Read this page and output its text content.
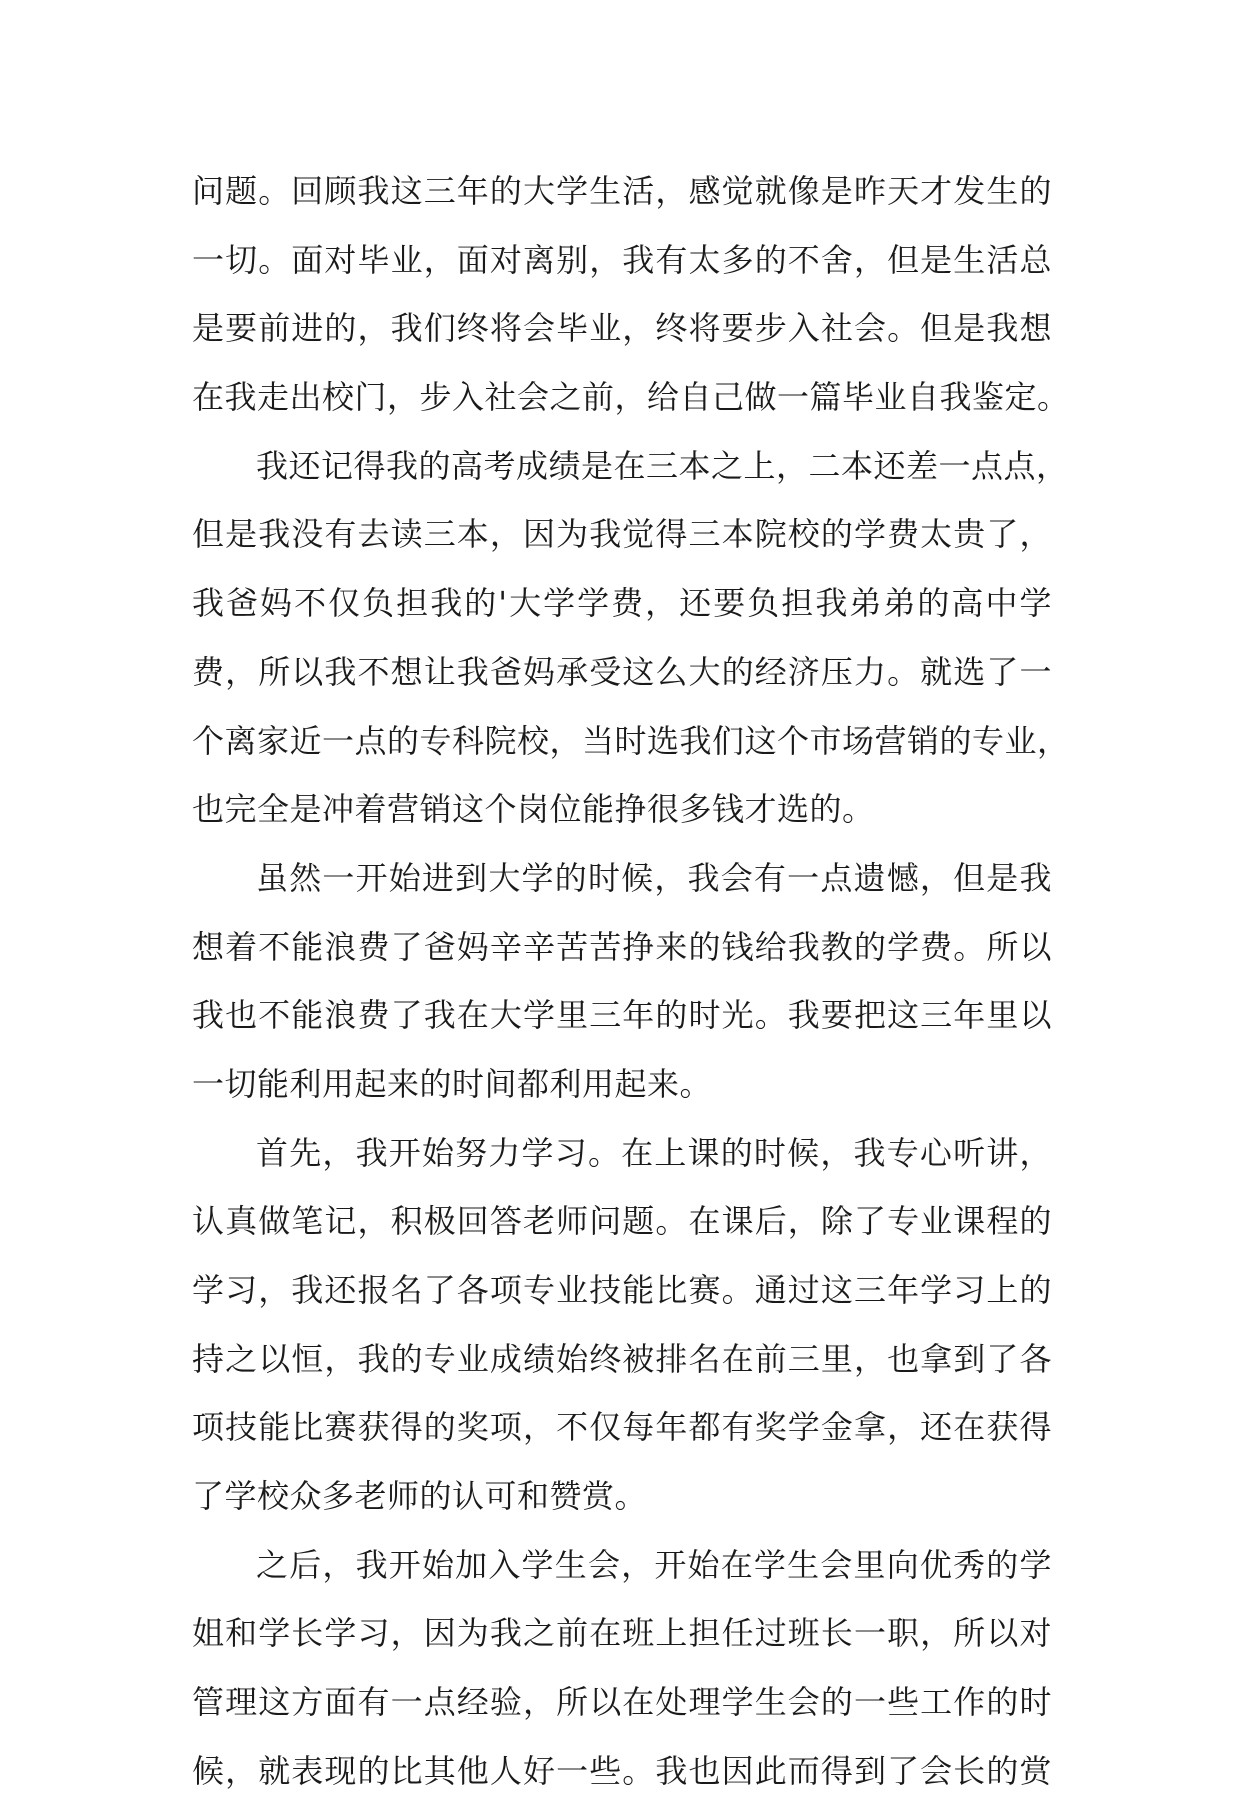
问题。回顾我这三年的大学生活，感觉就像是昨天才发生的
一切。面对毕业，面对离别，我有太多的不舍，但是生活总
是要前进的，我们终将会毕业，终将要步入社会。但是我想
在我走出校门，步入社会之前，给自己做一篇毕业自我鉴定。
我还记得我的高考成绩是在三本之上，二本还差一点点，
但是我没有去读三本，因为我觉得三本院校的学费太贵了，
我爸妈不仅负担我的'大学学费，还要负担我弟弟的高中学
费，所以我不想让我爸妈承受这么大的经济压力。就选了一
个离家近一点的专科院校，当时选我们这个市场营销的专业，
也完全是冲着营销这个岗位能挣很多钱才选的。
虽然一开始进到大学的时候，我会有一点遗憾，但是我
想着不能浪费了爸妈辛辛苦苦挣来的钱给我教的学费。所以
我也不能浪费了我在大学里三年的时光。我要把这三年里以
一切能利用起来的时间都利用起来。
首先，我开始努力学习。在上课的时候，我专心听讲，
认真做笔记，积极回答老师问题。在课后，除了专业课程的
学习，我还报名了各项专业技能比赛。通过这三年学习上的
持之以恒，我的专业成绩始终被排名在前三里，也拿到了各
项技能比赛获得的奖项，不仅每年都有奖学金拿，还在获得
了学校众多老师的认可和赞赏。
之后，我开始加入学生会，开始在学生会里向优秀的学
姐和学长学习，因为我之前在班上担任过班长一职，所以对
管理这方面有一点经验，所以在处理学生会的一些工作的时
候，就表现的比其他人好一些。我也因此而得到了会长的赏
